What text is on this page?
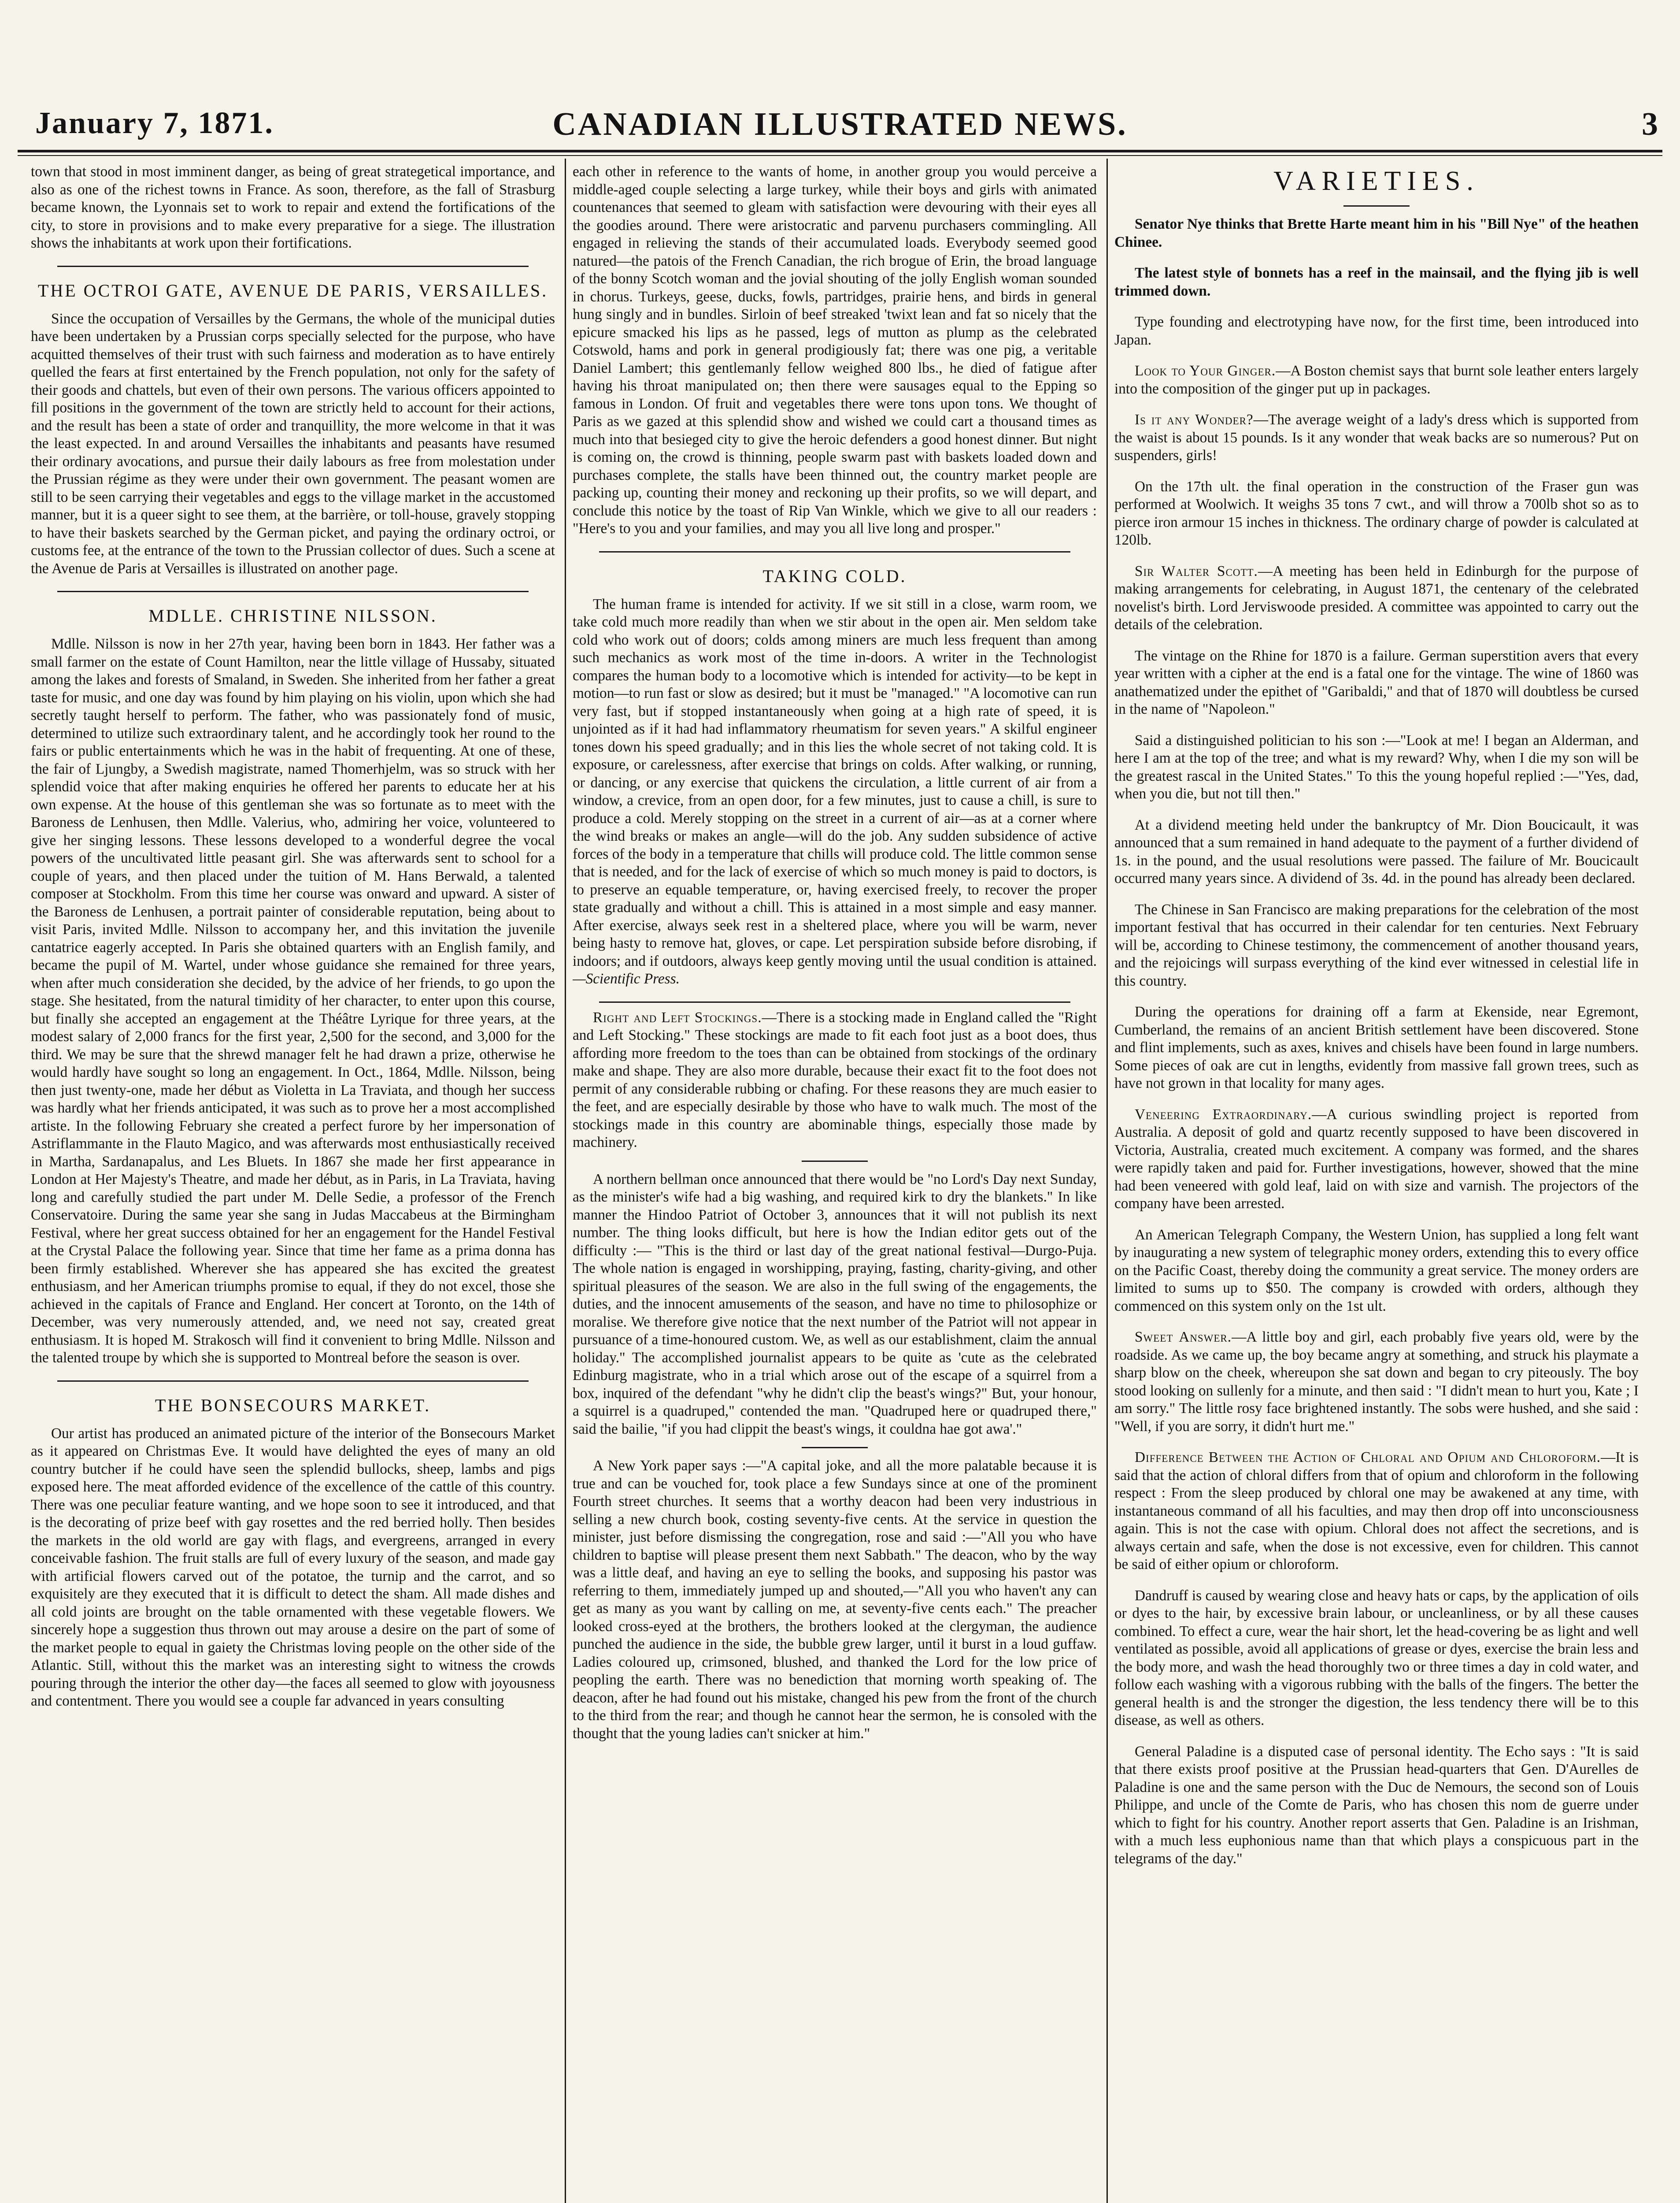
January 7, 1871.	CANADIAN ILLUSTRATED NEWS.	3

town that stood in most imminent danger, as being of great strategetical importance, and also as one of the richest towns in France. As soon, therefore, as the fall of Strasburg became known, the Lyonnais set to work to repair and extend the fortifications of the city, to store in provisions and to make every preparative for a siege. The illustration shows the inhabitants at work upon their fortifications.

THE OCTROI GATE, AVENUE DE PARIS, VERSAILLES.

Since the occupation of Versailles by the Germans, the whole of the municipal duties have been undertaken by a Prussian corps specially selected for the purpose, who have acquitted themselves of their trust with such fairness and moderation as to have entirely quelled the fears at first entertained by the French population, not only for the safety of their goods and chattels, but even of their own persons. The various officers appointed to fill positions in the government of the town are strictly held to account for their actions, and the result has been a state of order and tranquillity, the more welcome in that it was the least expected. In and around Versailles the inhabitants and peasants have resumed their ordinary avocations, and pursue their daily labours as free from molestation under the Prussian régime as they were under their own government. The peasant women are still to be seen carrying their vegetables and eggs to the village market in the accustomed manner, but it is a queer sight to see them, at the barrière, or toll-house, gravely stopping to have their baskets searched by the German picket, and paying the ordinary octroi, or customs fee, at the entrance of the town to the Prussian collector of dues. Such a scene at the Avenue de Paris at Versailles is illustrated on another page.

MDLLE. CHRISTINE NILSSON.

Mdlle. Nilsson is now in her 27th year, having been born in 1843. Her father was a small farmer on the estate of Count Hamilton, near the little village of Hussaby, situated among the lakes and forests of Smaland, in Sweden. She inherited from her father a great taste for music, and one day was found by him playing on his violin, upon which she had secretly taught herself to perform. The father, who was passionately fond of music, determined to utilize such extraordinary talent, and he accordingly took her round to the fairs or public entertainments which he was in the habit of frequenting. At one of these, the fair of Ljungby, a Swedish magistrate, named Thomerhjelm, was so struck with her splendid voice that after making enquiries he offered her parents to educate her at his own expense. At the house of this gentleman she was so fortunate as to meet with the Baroness de Lenhusen, then Mdlle. Valerius, who, admiring her voice, volunteered to give her singing lessons. These lessons developed to a wonderful degree the vocal powers of the uncultivated little peasant girl. She was afterwards sent to school for a couple of years, and then placed under the tuition of M. Hans Berwald, a talented composer at Stockholm. From this time her course was onward and upward. A sister of the Baroness de Lenhusen, a portrait painter of considerable reputation, being about to visit Paris, invited Mdlle. Nilsson to accompany her, and this invitation the juvenile cantatrice eagerly accepted. In Paris she obtained quarters with an English family, and became the pupil of M. Wartel, under whose guidance she remained for three years, when after much consideration she decided, by the advice of her friends, to go upon the stage. She hesitated, from the natural timidity of her character, to enter upon this course, but finally she accepted an engagement at the Théâtre Lyrique for three years, at the modest salary of 2,000 francs for the first year, 2,500 for the second, and 3,000 for the third. We may be sure that the shrewd manager felt he had drawn a prize, otherwise he would hardly have sought so long an engagement. In Oct., 1864, Mdlle. Nilsson, being then just twenty-one, made her début as Violetta in La Traviata, and though her success was hardly what her friends anticipated, it was such as to prove her a most accomplished artiste. In the following February she created a perfect furore by her impersonation of Astriflammante in the Flauto Magico, and was afterwards most enthusiastically received in Martha, Sardanapalus, and Les Bluets. In 1867 she made her first appearance in London at Her Majesty's Theatre, and made her début, as in Paris, in La Traviata, having long and carefully studied the part under M. Delle Sedie, a professor of the French Conservatoire. During the same year she sang in Judas Maccabeus at the Birmingham Festival, where her great success obtained for her an engagement for the Handel Festival at the Crystal Palace the following year. Since that time her fame as a prima donna has been firmly established. Wherever she has appeared she has excited the greatest enthusiasm, and her American triumphs promise to equal, if they do not excel, those she achieved in the capitals of France and England. Her concert at Toronto, on the 14th of December, was very numerously attended, and, we need not say, created great enthusiasm. It is hoped M. Strakosch will find it convenient to bring Mdlle. Nilsson and the talented troupe by which she is supported to Montreal before the season is over.

THE BONSECOURS MARKET.

Our artist has produced an animated picture of the interior of the Bonsecours Market as it appeared on Christmas Eve. It would have delighted the eyes of many an old country butcher if he could have seen the splendid bullocks, sheep, lambs and pigs exposed here. The meat afforded evidence of the excellence of the cattle of this country. There was one peculiar feature wanting, and we hope soon to see it introduced, and that is the decorating of prize beef with gay rosettes and the red berried holly. Then besides the markets in the old world are gay with flags, and evergreens, arranged in every conceivable fashion. The fruit stalls are full of every luxury of the season, and made gay with artificial flowers carved out of the potatoe, the turnip and the carrot, and so exquisitely are they executed that it is difficult to detect the sham. All made dishes and all cold joints are brought on the table ornamented with these vegetable flowers. We sincerely hope a suggestion thus thrown out may arouse a desire on the part of some of the market people to equal in gaiety the Christmas loving people on the other side of the Atlantic. Still, without this the market was an interesting sight to witness the crowds pouring through the interior the other day—the faces all seemed to glow with joyousness and contentment. There you would see a couple far advanced in years consulting

each other in reference to the wants of home, in another group you would perceive a middle-aged couple selecting a large turkey, while their boys and girls with animated countenances that seemed to gleam with satisfaction were devouring with their eyes all the goodies around. There were aristocratic and parvenu purchasers commingling. All engaged in relieving the stands of their accumulated loads. Everybody seemed good natured—the patois of the French Canadian, the rich brogue of Erin, the broad language of the bonny Scotch woman and the jovial shouting of the jolly English woman sounded in chorus. Turkeys, geese, ducks, fowls, partridges, prairie hens, and birds in general hung singly and in bundles. Sirloin of beef streaked 'twixt lean and fat so nicely that the epicure smacked his lips as he passed, legs of mutton as plump as the celebrated Cotswold, hams and pork in general prodigiously fat; there was one pig, a veritable Daniel Lambert; this gentlemanly fellow weighed 800 lbs., he died of fatigue after having his throat manipulated on; then there were sausages equal to the Epping so famous in London. Of fruit and vegetables there were tons upon tons. We thought of Paris as we gazed at this splendid show and wished we could cart a thousand times as much into that besieged city to give the heroic defenders a good honest dinner. But night is coming on, the crowd is thinning, people swarm past with baskets loaded down and purchases complete, the stalls have been thinned out, the country market people are packing up, counting their money and reckoning up their profits, so we will depart, and conclude this notice by the toast of Rip Van Winkle, which we give to all our readers : "Here's to you and your families, and may you all live long and prosper."

TAKING COLD.

The human frame is intended for activity. If we sit still in a close, warm room, we take cold much more readily than when we stir about in the open air. Men seldom take cold who work out of doors; colds among miners are much less frequent than among such mechanics as work most of the time in-doors. A writer in the Technologist compares the human body to a locomotive which is intended for activity—to be kept in motion—to run fast or slow as desired; but it must be "managed." "A locomotive can run very fast, but if stopped instantaneously when going at a high rate of speed, it is unjointed as if it had had inflammatory rheumatism for seven years." A skilful engineer tones down his speed gradually; and in this lies the whole secret of not taking cold. It is exposure, or carelessness, after exercise that brings on colds. After walking, or running, or dancing, or any exercise that quickens the circulation, a little current of air from a window, a crevice, from an open door, for a few minutes, just to cause a chill, is sure to produce a cold. Merely stopping on the street in a current of air—as at a corner where the wind breaks or makes an angle—will do the job. Any sudden subsidence of active forces of the body in a temperature that chills will produce cold. The little common sense that is needed, and for the lack of exercise of which so much money is paid to doctors, is to preserve an equable temperature, or, having exercised freely, to recover the proper state gradually and without a chill. This is attained in a most simple and easy manner. After exercise, always seek rest in a sheltered place, where you will be warm, never being hasty to remove hat, gloves, or cape. Let perspiration subside before disrobing, if indoors; and if outdoors, always keep gently moving until the usual condition is attained.—Scientific Press.

Right and Left Stockings.—There is a stocking made in England called the "Right and Left Stocking." These stockings are made to fit each foot just as a boot does, thus affording more freedom to the toes than can be obtained from stockings of the ordinary make and shape. They are also more durable, because their exact fit to the foot does not permit of any considerable rubbing or chafing. For these reasons they are much easier to the feet, and are especially desirable by those who have to walk much. The most of the stockings made in this country are abominable things, especially those made by machinery.

A northern bellman once announced that there would be "no Lord's Day next Sunday, as the minister's wife had a big washing, and required kirk to dry the blankets." In like manner the Hindoo Patriot of October 3, announces that it will not publish its next number. The thing looks difficult, but here is how the Indian editor gets out of the difficulty :— "This is the third or last day of the great national festival—Durgo-Puja. The whole nation is engaged in worshipping, praying, fasting, charity-giving, and other spiritual pleasures of the season. We are also in the full swing of the engagements, the duties, and the innocent amusements of the season, and have no time to philosophize or moralise. We therefore give notice that the next number of the Patriot will not appear in pursuance of a time-honoured custom. We, as well as our establishment, claim the annual holiday." The accomplished journalist appears to be quite as 'cute as the celebrated Edinburg magistrate, who in a trial which arose out of the escape of a squirrel from a box, inquired of the defendant "why he didn't clip the beast's wings?" But, your honour, a squirrel is a quadruped," contended the man. "Quadruped here or quadruped there," said the bailie, "if you had clippit the beast's wings, it couldna hae got awa'."

A New York paper says :—"A capital joke, and all the more palatable because it is true and can be vouched for, took place a few Sundays since at one of the prominent Fourth street churches. It seems that a worthy deacon had been very industrious in selling a new church book, costing seventy-five cents. At the service in question the minister, just before dismissing the congregation, rose and said :—"All you who have children to baptise will please present them next Sabbath." The deacon, who by the way was a little deaf, and having an eye to selling the books, and supposing his pastor was referring to them, immediately jumped up and shouted,—"All you who haven't any can get as many as you want by calling on me, at seventy-five cents each." The preacher looked cross-eyed at the brothers, the brothers looked at the clergyman, the audience punched the audience in the side, the bubble grew larger, until it burst in a loud guffaw. Ladies coloured up, crimsoned, blushed, and thanked the Lord for the low price of peopling the earth. There was no benediction that morning worth speaking of. The deacon, after he had found out his mistake, changed his pew from the front of the church to the third from the rear; and though he cannot hear the sermon, he is consoled with the thought that the young ladies can't snicker at him."

VARIETIES.

Senator Nye thinks that Brette Harte meant him in his "Bill Nye" of the heathen Chinee.

The latest style of bonnets has a reef in the mainsail, and the flying jib is well trimmed down.

Type founding and electrotyping have now, for the first time, been introduced into Japan.

Look to Your Ginger.—A Boston chemist says that burnt sole leather enters largely into the composition of the ginger put up in packages.

Is it any Wonder?—The average weight of a lady's dress which is supported from the waist is about 15 pounds. Is it any wonder that weak backs are so numerous? Put on suspenders, girls!

On the 17th ult. the final operation in the construction of the Fraser gun was performed at Woolwich. It weighs 35 tons 7 cwt., and will throw a 700lb shot so as to pierce iron armour 15 inches in thickness. The ordinary charge of powder is calculated at 120lb.

Sir Walter Scott.—A meeting has been held in Edinburgh for the purpose of making arrangements for celebrating, in August 1871, the centenary of the celebrated novelist's birth. Lord Jerviswoode presided. A committee was appointed to carry out the details of the celebration.

The vintage on the Rhine for 1870 is a failure. German superstition avers that every year written with a cipher at the end is a fatal one for the vintage. The wine of 1860 was anathematized under the epithet of "Garibaldi," and that of 1870 will doubtless be cursed in the name of "Napoleon."

Said a distinguished politician to his son :—"Look at me! I began an Alderman, and here I am at the top of the tree; and what is my reward? Why, when I die my son will be the greatest rascal in the United States." To this the young hopeful replied :—"Yes, dad, when you die, but not till then."

At a dividend meeting held under the bankruptcy of Mr. Dion Boucicault, it was announced that a sum remained in hand adequate to the payment of a further dividend of 1s. in the pound, and the usual resolutions were passed. The failure of Mr. Boucicault occurred many years since. A dividend of 3s. 4d. in the pound has already been declared.

The Chinese in San Francisco are making preparations for the celebration of the most important festival that has occurred in their calendar for ten centuries. Next February will be, according to Chinese testimony, the commencement of another thousand years, and the rejoicings will surpass everything of the kind ever witnessed in celestial life in this country.

During the operations for draining off a farm at Ekenside, near Egremont, Cumberland, the remains of an ancient British settlement have been discovered. Stone and flint implements, such as axes, knives and chisels have been found in large numbers. Some pieces of oak are cut in lengths, evidently from massive fall grown trees, such as have not grown in that locality for many ages.

Veneering Extraordinary.—A curious swindling project is reported from Australia. A deposit of gold and quartz recently supposed to have been discovered in Victoria, Australia, created much excitement. A company was formed, and the shares were rapidly taken and paid for. Further investigations, however, showed that the mine had been veneered with gold leaf, laid on with size and varnish. The projectors of the company have been arrested.

An American Telegraph Company, the Western Union, has supplied a long felt want by inaugurating a new system of telegraphic money orders, extending this to every office on the Pacific Coast, thereby doing the community a great service. The money orders are limited to sums up to $50. The company is crowded with orders, although they commenced on this system only on the 1st ult.

Sweet Answer.—A little boy and girl, each probably five years old, were by the roadside. As we came up, the boy became angry at something, and struck his playmate a sharp blow on the cheek, whereupon she sat down and began to cry piteously. The boy stood looking on sullenly for a minute, and then said : "I didn't mean to hurt you, Kate ; I am sorry." The little rosy face brightened instantly. The sobs were hushed, and she said : "Well, if you are sorry, it didn't hurt me."

Difference Between the Action of Chloral and Opium and Chloroform.—It is said that the action of chloral differs from that of opium and chloroform in the following respect : From the sleep produced by chloral one may be awakened at any time, with instantaneous command of all his faculties, and may then drop off into unconsciousness again. This is not the case with opium. Chloral does not affect the secretions, and is always certain and safe, when the dose is not excessive, even for children. This cannot be said of either opium or chloroform.

Dandruff is caused by wearing close and heavy hats or caps, by the application of oils or dyes to the hair, by excessive brain labour, or uncleanliness, or by all these causes combined. To effect a cure, wear the hair short, let the head-covering be as light and well ventilated as possible, avoid all applications of grease or dyes, exercise the brain less and the body more, and wash the head thoroughly two or three times a day in cold water, and follow each washing with a vigorous rubbing with the balls of the fingers. The better the general health is and the stronger the digestion, the less tendency there will be to this disease, as well as others.

General Paladine is a disputed case of personal identity. The Echo says : "It is said that there exists proof positive at the Prussian head-quarters that Gen. D'Aurelles de Paladine is one and the same person with the Duc de Nemours, the second son of Louis Philippe, and uncle of the Comte de Paris, who has chosen this nom de guerre under which to fight for his country. Another report asserts that Gen. Paladine is an Irishman, with a much less euphonious name than that which plays a conspicuous part in the telegrams of the day."
